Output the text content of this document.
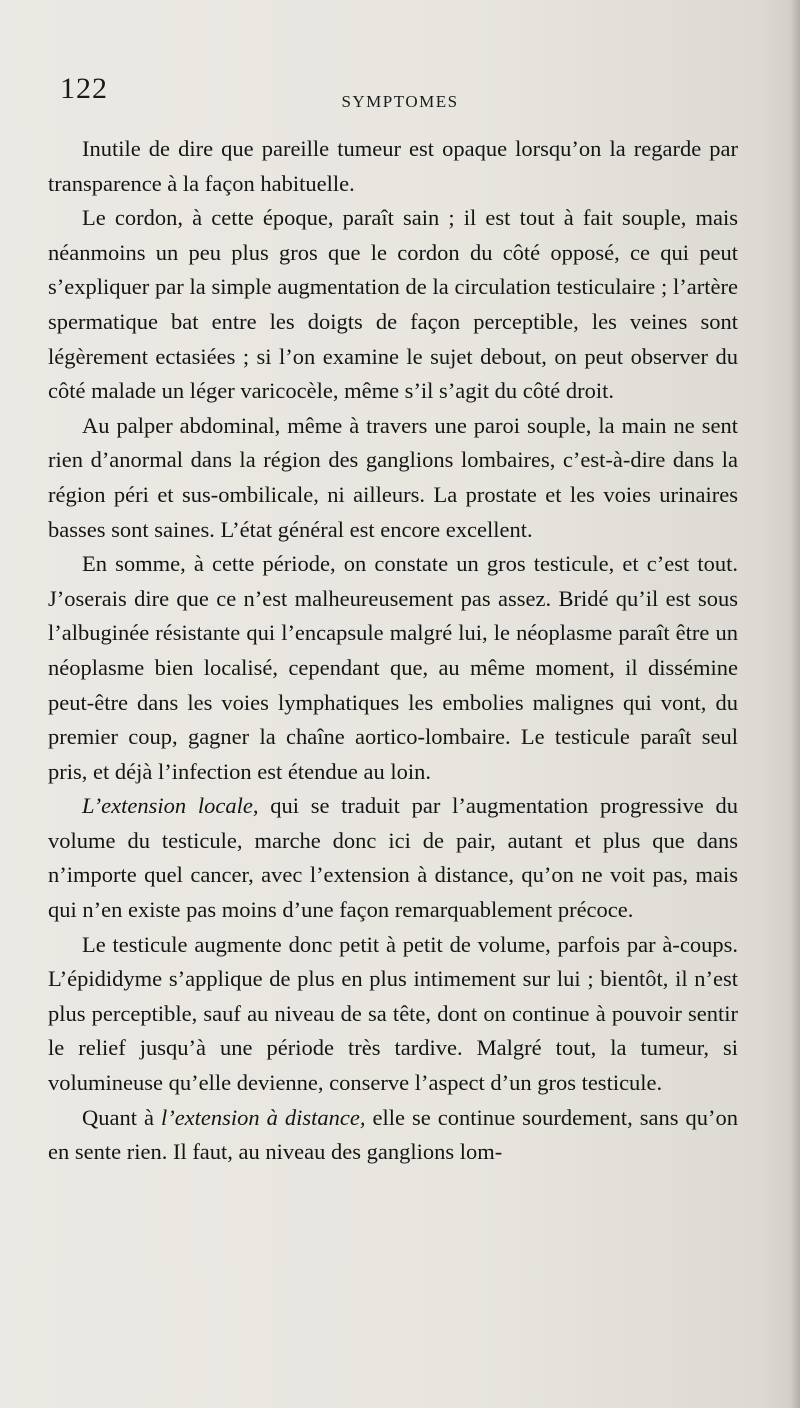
122	SYMPTOMES

Inutile de dire que pareille tumeur est opaque lorsqu’on la regarde par transparence à la façon habituelle.

Le cordon, à cette époque, paraît sain ; il est tout à fait souple, mais néanmoins un peu plus gros que le cordon du côté opposé, ce qui peut s’expliquer par la simple augmentation de la circulation testiculaire ; l’artère spermatique bat entre les doigts de façon perceptible, les veines sont légèrement ectasiées ; si l’on examine le sujet debout, on peut observer du côté malade un léger varicocèle, même s’il s’agit du côté droit.

Au palper abdominal, même à travers une paroi souple, la main ne sent rien d’anormal dans la région des ganglions lombaires, c’est-à-dire dans la région péri et sus-ombilicale, ni ailleurs. La prostate et les voies urinaires basses sont saines. L’état général est encore excellent.

En somme, à cette période, on constate un gros testicule, et c’est tout. J’oserais dire que ce n’est malheureusement pas assez. Bridé qu’il est sous l’albuginée résistante qui l’encapsule malgré lui, le néoplasme paraît être un néoplasme bien localisé, cependant que, au même moment, il dissémine peut-être dans les voies lymphatiques les embolies malignes qui vont, du premier coup, gagner la chaîne aortico-lombaire. Le testicule paraît seul pris, et déjà l’infection est étendue au loin.

L’extension locale, qui se traduit par l’augmentation progressive du volume du testicule, marche donc ici de pair, autant et plus que dans n’importe quel cancer, avec l’extension à distance, qu’on ne voit pas, mais qui n’en existe pas moins d’une façon remarquablement précoce.

Le testicule augmente donc petit à petit de volume, parfois par à-coups. L’épididyme s’applique de plus en plus intimement sur lui ; bientôt, il n’est plus perceptible, sauf au niveau de sa tête, dont on continue à pouvoir sentir le relief jusqu’à une période très tardive. Malgré tout, la tumeur, si volumineuse qu’elle devienne, conserve l’aspect d’un gros testicule.

Quant à l’extension à distance, elle se continue sourdement, sans qu’on en sente rien. Il faut, au niveau des ganglions lom-
